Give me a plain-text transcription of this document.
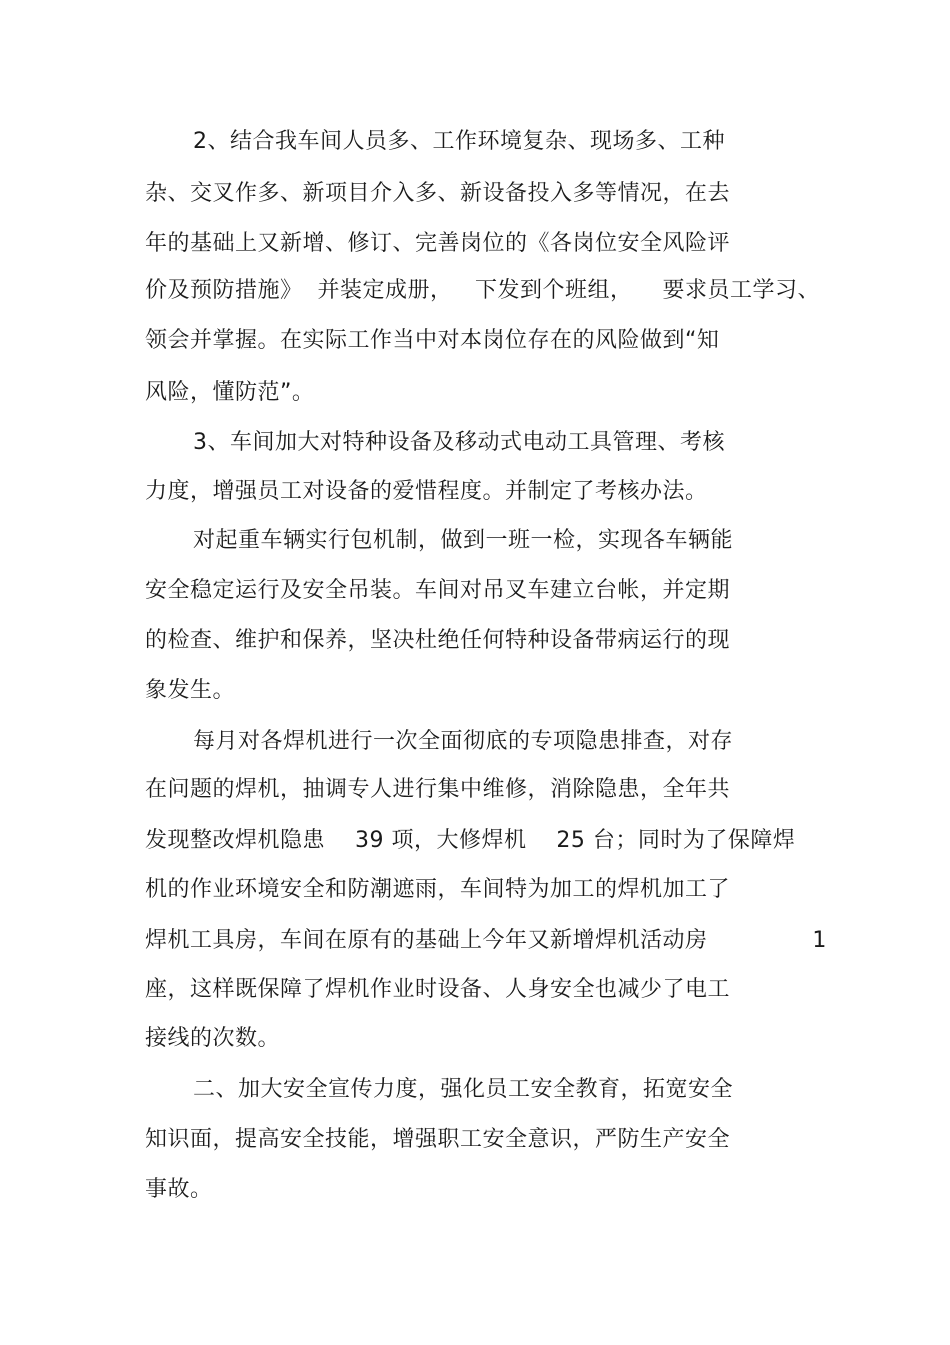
2、结合我车间人员多、工作环境复杂、现场多、工种
杂、交叉作多、新项目介入多、新设备投入多等情况，在去
年的基础上又新增、修订、完善岗位的《各岗位安全风险评
价及预防措施》  并装定成册，   下发到个班组，    要求员工学习、
领会并掌握。在实际工作当中对本岗位存在的风险做到“知
风险，懂防范”。
3、车间加大对特种设备及移动式电动工具管理、考核
力度，增强员工对设备的爱惜程度。并制定了考核办法。
对起重车辆实行包机制，做到一班一检，实现各车辆能
安全稳定运行及安全吊装。车间对吊叉车建立台帐，并定期
的检查、维护和保养，坚决杜绝任何特种设备带病运行的现
象发生。
每月对各焊机进行一次全面彻底的专项隐患排查，对存
在问题的焊机，抽调专人进行集中维修，消除隐患，全年共
发现整改焊机隐患    39 项，大修焊机    25 台；同时为了保障焊
机的作业环境安全和防潮遮雨，车间特为加工的焊机加工了
焊机工具房，车间在原有的基础上今年又新增焊机活动房              1
座，这样既保障了焊机作业时设备、人身安全也减少了电工
接线的次数。
二、加大安全宣传力度，强化员工安全教育，拓宽安全
知识面，提高安全技能，增强职工安全意识，严防生产安全
事故。
